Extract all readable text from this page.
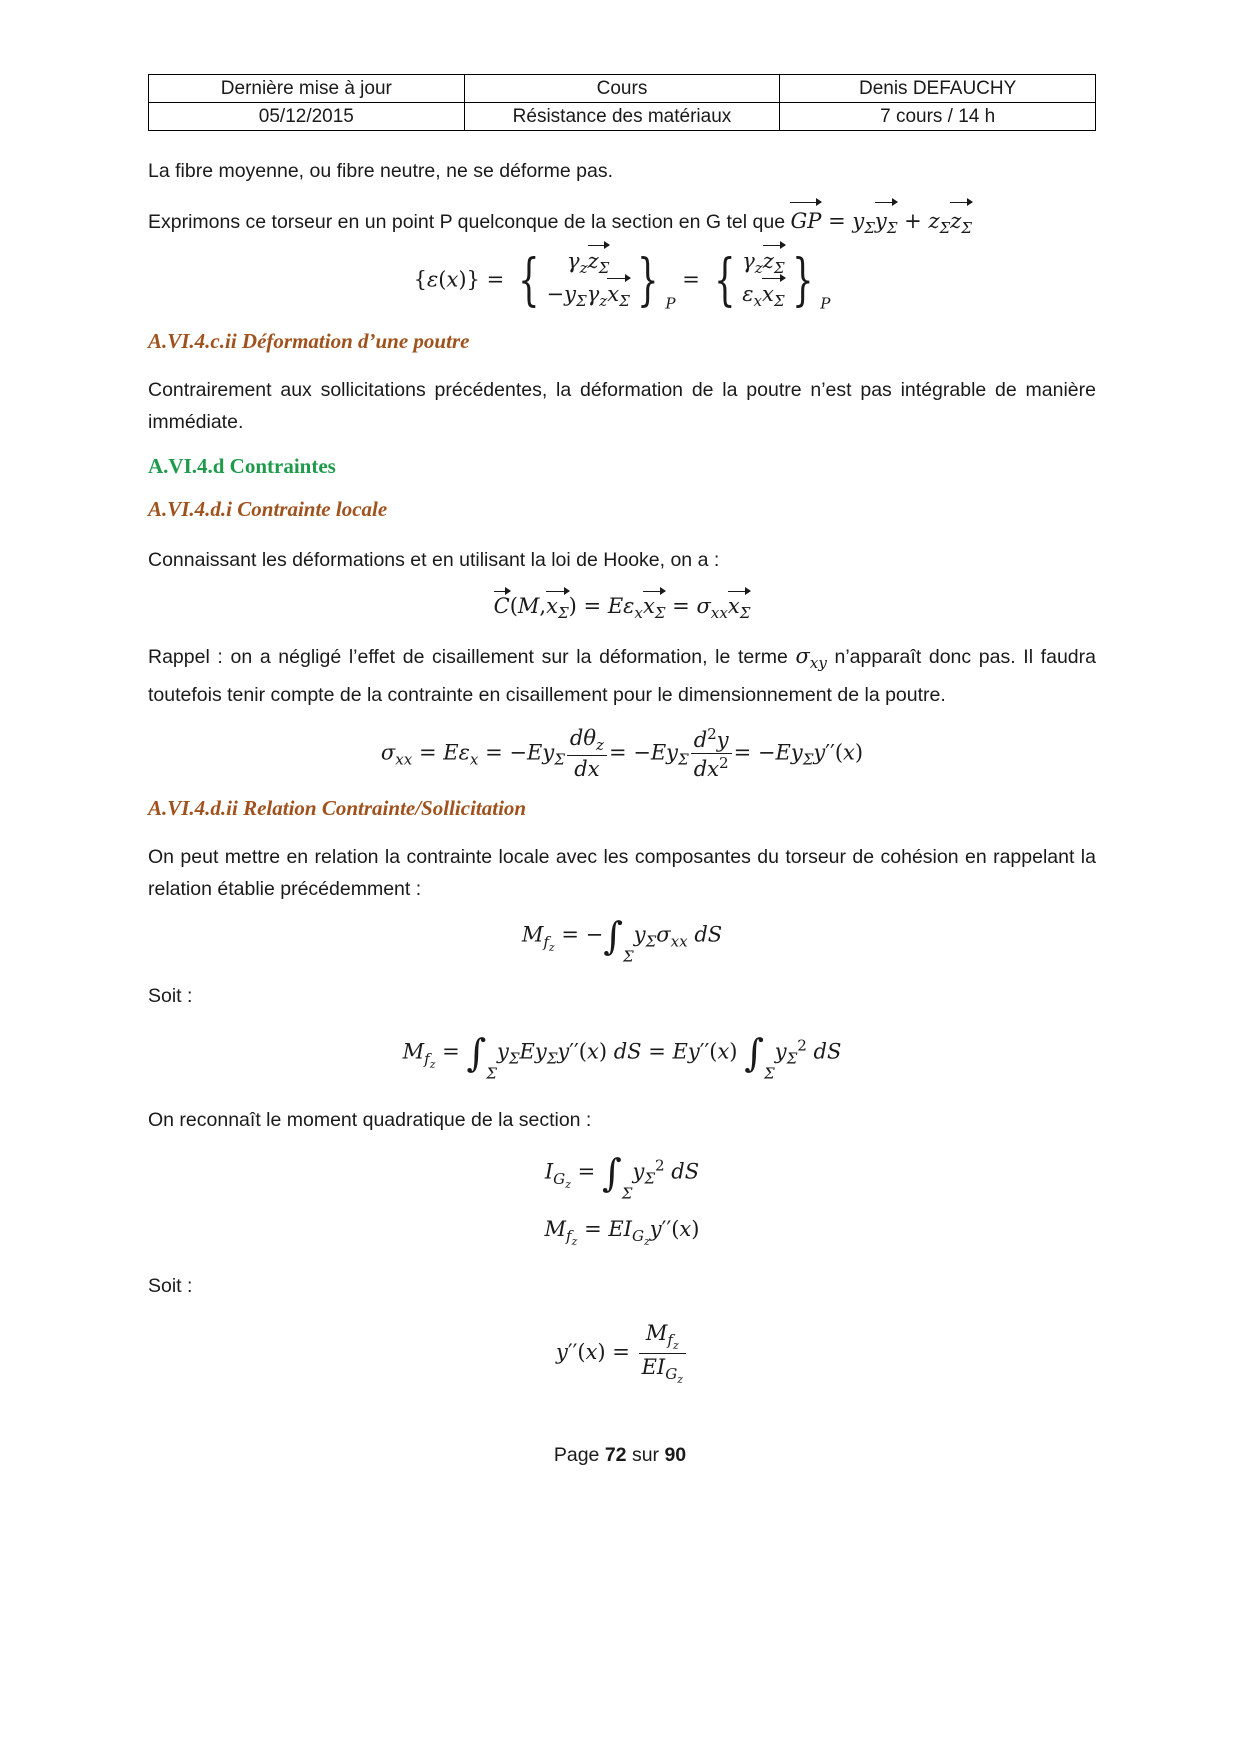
Dernière mise à jour	Cours	Denis DEFAUCHY
05/12/2015	Résistance des matériaux	7 cours / 14 h

La fibre moyenne, ou fibre neutre, ne se déforme pas.

Exprimons ce torseur en un point P quelconque de la section en G tel que GP = $y_\Sigma y_\Sigma + z_\Sigma z_\Sigma$

{ε(x)} = { $\gamma_zz_\Sigma$
$-y_\Sigma\gamma_zx_\Sigma$ } $_P$ = { $\gamma_zz_\Sigma$
$\varepsilon_xx_\Sigma$ } $_P$

A.VI.4.c.ii Déformation d’une poutre

Contrairement aux sollicitations précédentes, la déformation de la poutre n’est pas intégrable de manière immédiate.

A.VI.4.d Contraintes

A.VI.4.d.i Contrainte locale

Connaissant les déformations et en utilisant la loi de Hooke, on a :

$C(M,x_\Sigma) = E\varepsilon_xx_\Sigma = \sigma_{xx}x_\Sigma$

Rappel : on a négligé l’effet de cisaillement sur la déformation, le terme $\sigma_{xy}$ n’apparaît donc pas. Il faudra toutefois tenir compte de la contrainte en cisaillement pour le dimensionnement de la poutre.

$\sigma_{xx} = E\varepsilon_x = -Ey_\Sigma \frac{d\theta_z}{dx} = -Ey_\Sigma \frac{d^2y}{dx^2} = -Ey_\Sigma y''(x)$

A.VI.4.d.ii Relation Contrainte/Sollicitation

On peut mettre en relation la contrainte locale avec les composantes du torseur de cohésion en rappelant la relation établie précédemment :

$M_{f_z} = -\int_\Sigma y_\Sigma\sigma_{xx}$ dS

Soit :

$M_{f_z} = \int_\Sigma y_\Sigma Ey_\Sigma y''(x)$ dS = Ey′′(x) $\int_\Sigma y_\Sigma^2$ dS

On reconnaît le moment quadratique de la section :

$I_{G_z} = \int_\Sigma y_\Sigma^2$ dS
$M_{f_z} = EI_{G_z}y''(x)$

Soit :

$y''(x) = \frac{M_{f_z}}{EI_{G_z}}$
Page 72 sur 90
